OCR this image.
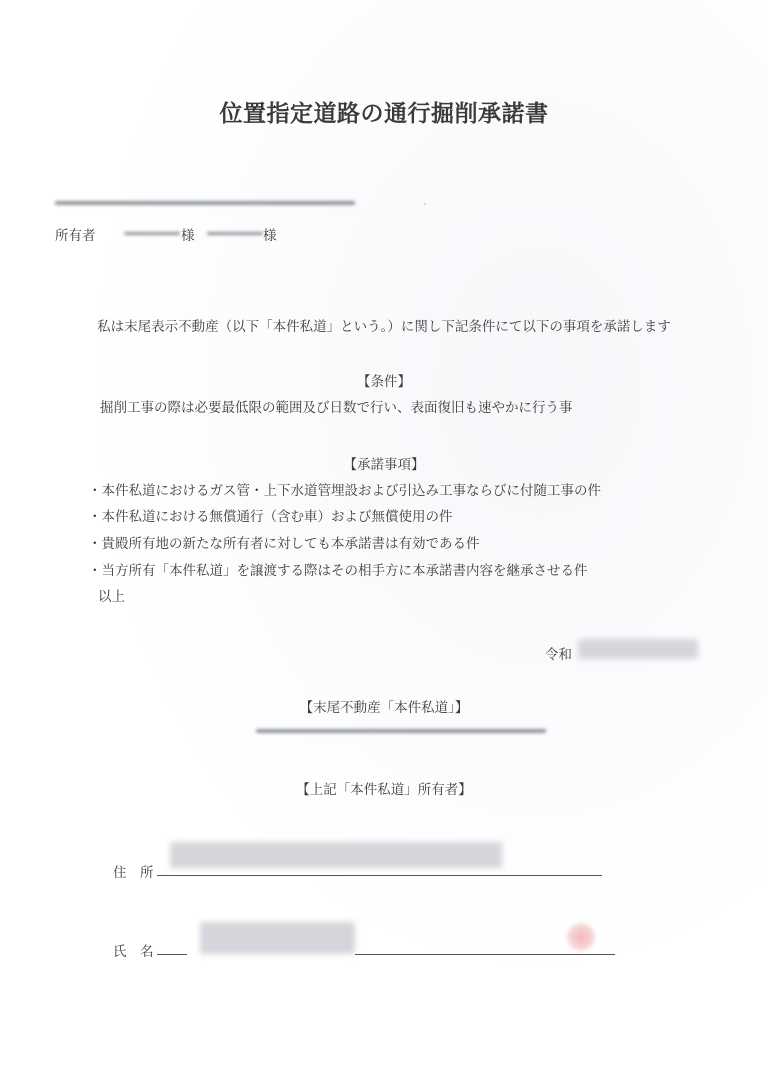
位置指定道路の通行掘削承諾書
所有者	様	様
私は末尾表示不動産（以下「本件私道」という。）に関し下記条件にて以下の事項を承諾します
【条件】
掘削工事の際は必要最低限の範囲及び日数で行い、表面復旧も速やかに行う事
【承諾事項】
・本件私道におけるガス管・上下水道管埋設および引込み工事ならびに付随工事の件
・本件私道における無償通行（含む車）および無償使用の件
・貴殿所有地の新たな所有者に対しても本承諾書は有効である件
・当方所有「本件私道」を譲渡する際はその相手方に本承諾書内容を継承させる件
以上
令和
【末尾不動産「本件私道」】
【上記「本件私道」所有者】
住　所
氏　名
